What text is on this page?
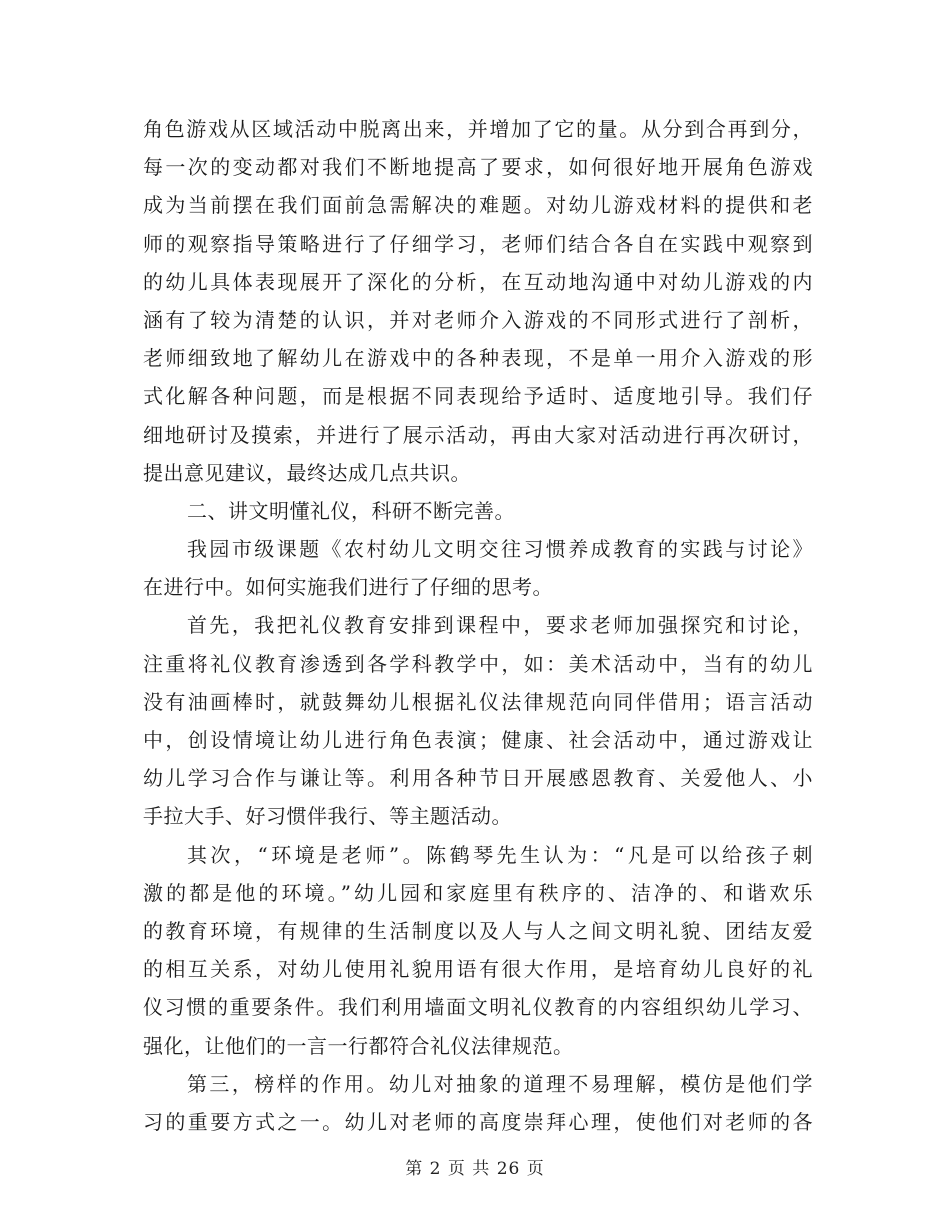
角色游戏从区域活动中脱离出来，并增加了它的量。从分到合再到分，
每一次的变动都对我们不断地提高了要求，如何很好地开展角色游戏
成为当前摆在我们面前急需解决的难题。对幼儿游戏材料的提供和老
师的观察指导策略进行了仔细学习，老师们结合各自在实践中观察到
的幼儿具体表现展开了深化的分析，在互动地沟通中对幼儿游戏的内
涵有了较为清楚的认识，并对老师介入游戏的不同形式进行了剖析，
老师细致地了解幼儿在游戏中的各种表现，不是单一用介入游戏的形
式化解各种问题，而是根据不同表现给予适时、适度地引导。我们仔
细地研讨及摸索，并进行了展示活动，再由大家对活动进行再次研讨，
提出意见建议，最终达成几点共识。
二、讲文明懂礼仪，科研不断完善。
我园市级课题《农村幼儿文明交往习惯养成教育的实践与讨论》
在进行中。如何实施我们进行了仔细的思考。
首先，我把礼仪教育安排到课程中，要求老师加强探究和讨论，
注重将礼仪教育渗透到各学科教学中，如：美术活动中，当有的幼儿
没有油画棒时，就鼓舞幼儿根据礼仪法律规范向同伴借用；语言活动
中，创设情境让幼儿进行角色表演；健康、社会活动中，通过游戏让
幼儿学习合作与谦让等。利用各种节日开展感恩教育、关爱他人、小
手拉大手、好习惯伴我行、等主题活动。
其次，“环境是老师”。陈鹤琴先生认为：“凡是可以给孩子刺
激的都是他的环境。”幼儿园和家庭里有秩序的、洁净的、和谐欢乐
的教育环境，有规律的生活制度以及人与人之间文明礼貌、团结友爱
的相互关系，对幼儿使用礼貌用语有很大作用，是培育幼儿良好的礼
仪习惯的重要条件。我们利用墙面文明礼仪教育的内容组织幼儿学习、
强化，让他们的一言一行都符合礼仪法律规范。
第三，榜样的作用。幼儿对抽象的道理不易理解，模仿是他们学
习的重要方式之一。幼儿对老师的高度崇拜心理，使他们对老师的各
第 2 页 共 26 页
